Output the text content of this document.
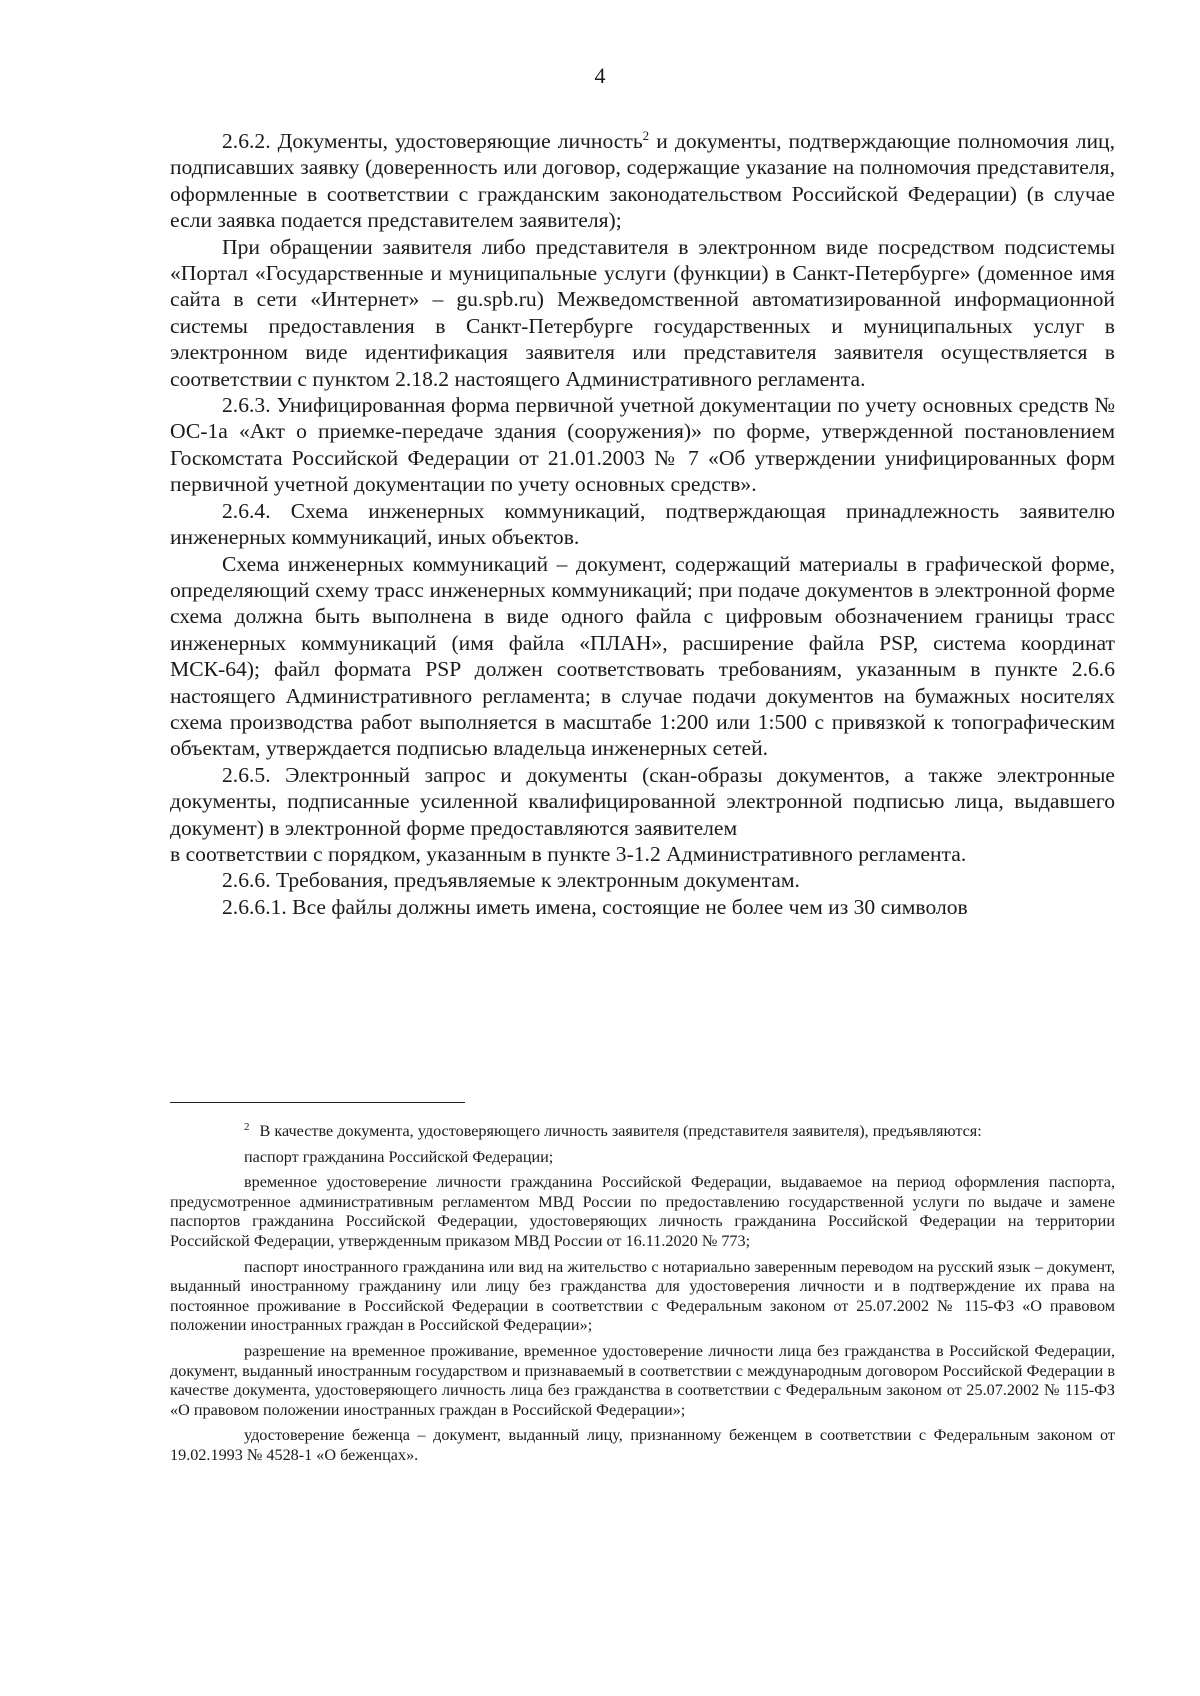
4

2.6.2. Документы, удостоверяющие личность$^2$ и документы, подтверждающие полномочия лиц, подписавших заявку (доверенность или договор, содержащие указание на полномочия представителя, оформленные в соответствии с гражданским законодательством Российской Федерации) (в случае если заявка подается представителем заявителя);

При обращении заявителя либо представителя в электронном виде посредством подсистемы «Портал «Государственные и муниципальные услуги (функции) в Санкт-Петербурге» (доменное имя сайта в сети «Интернет» – gu.spb.ru) Межведомственной автоматизированной информационной системы предоставления в Санкт-Петербурге государственных и муниципальных услуг в электронном виде идентификация заявителя или представителя заявителя осуществляется в соответствии с пунктом 2.18.2 настоящего Административного регламента.

2.6.3. Унифицированная форма первичной учетной документации по учету основных средств № ОС-1а «Акт о приемке-передаче здания (сооружения)» по форме, утвержденной постановлением Госкомстата Российской Федерации от 21.01.2003 № 7 «Об утверждении унифицированных форм первичной учетной документации по учету основных средств».

2.6.4. Схема инженерных коммуникаций, подтверждающая принадлежность заявителю инженерных коммуникаций, иных объектов.

Схема инженерных коммуникаций – документ, содержащий материалы в графической форме, определяющий схему трасс инженерных коммуникаций; при подаче документов в электронной форме схема должна быть выполнена в виде одного файла с цифровым обозначением границы трасс инженерных коммуникаций (имя файла «ПЛАН», расширение файла PSP, система координат МСК-64); файл формата PSP должен соответствовать требованиям, указанным в пункте 2.6.6 настоящего Административного регламента; в случае подачи документов на бумажных носителях схема производства работ выполняется в масштабе 1:200 или 1:500 с привязкой к топографическим объектам, утверждается подписью владельца инженерных сетей.

2.6.5. Электронный запрос и документы (скан-образы документов, а также электронные документы, подписанные усиленной квалифицированной электронной подписью лица, выдавшего документ) в электронной форме предоставляются заявителем

в соответствии с порядком, указанным в пункте 3-1.2 Административного регламента.

2.6.6. Требования, предъявляемые к электронным документам.

2.6.6.1. Все файлы должны иметь имена, состоящие не более чем из 30 символов

$^2$ В качестве документа, удостоверяющего личность заявителя (представителя заявителя), предъявляются:

паспорт гражданина Российской Федерации;

временное удостоверение личности гражданина Российской Федерации, выдаваемое на период оформления паспорта, предусмотренное административным регламентом МВД России по предоставлению государственной услуги по выдаче и замене паспортов гражданина Российской Федерации, удостоверяющих личность гражданина Российской Федерации на территории Российской Федерации, утвержденным приказом МВД России от 16.11.2020 № 773;

паспорт иностранного гражданина или вид на жительство с нотариально заверенным переводом на русский язык – документ, выданный иностранному гражданину или лицу без гражданства для удостоверения личности и в подтверждение их права на постоянное проживание в Российской Федерации в соответствии с Федеральным законом от 25.07.2002 № 115-ФЗ «О правовом положении иностранных граждан в Российской Федерации»;

разрешение на временное проживание, временное удостоверение личности лица без гражданства в Российской Федерации, документ, выданный иностранным государством и признаваемый в соответствии с международным договором Российской Федерации в качестве документа, удостоверяющего личность лица без гражданства в соответствии с Федеральным законом от 25.07.2002 № 115-ФЗ «О правовом положении иностранных граждан в Российской Федерации»;

удостоверение беженца – документ, выданный лицу, признанному беженцем в соответствии с Федеральным законом от 19.02.1993 № 4528-1 «О беженцах».
